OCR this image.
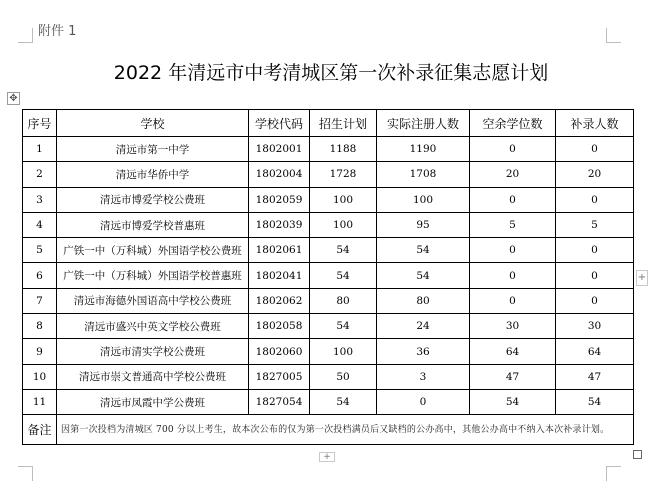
附件 1
2022 年清远市中考清城区第一次补录征集志愿计划
✥
序号	学校	学校代码	招生计划	实际注册人数	空余学位数	补录人数
1	清远市第一中学	1802001	1188	1190	0	0
2	清远市华侨中学	1802004	1728	1708	20	20
3	清远市博爱学校公费班	1802059	100	100	0	0
4	清远市博爱学校普惠班	1802039	100	95	5	5
5	广铁一中（万科城）外国语学校公费班	1802061	54	54	0	0
6	广铁一中（万科城）外国语学校普惠班	1802041	54	54	0	0
7	清远市海德外国语高中学校公费班	1802062	80	80	0	0
8	清远市盛兴中英文学校公费班	1802058	54	24	30	30
9	清远市清实学校公费班	1802060	100	36	64	64
10	清远市崇文普通高中学校公费班	1827005	50	3	47	47
11	清远市凤霞中学公费班	1827054	54	0	54	54
备注	因第一次投档为清城区 700 分以上考生，故本次公布的仅为第一次投档满员后又缺档的公办高中，其他公办高中不纳入本次补录计划。					
+
+
